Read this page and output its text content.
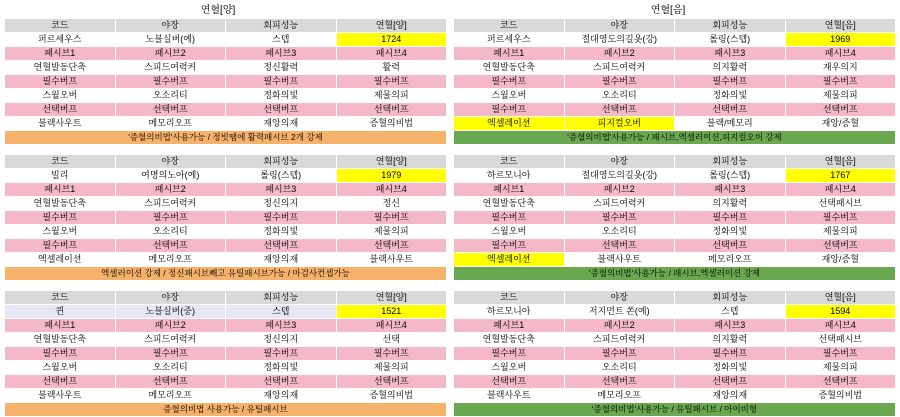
연혈[양]	연혈[음]
코드	야장	회피성능	연혈[양]
퍼르세우스	노블실버(예)	스텝	1724
패시브1	패시브2	패시브3	패시브4
연혈발동단축	스피드여력커	정신활력	활력
필수버프	필수버프	필수버프	필수버프
스월오버	오소리티	정화의빛	제물의피
선택버프	선택버프	선택버프	선택버프
블랙사우트	메모리오프	재앙의재	증혈의비법
'증혈의비법'사용가능 / 정빗땜에 활력패시브 2개 강제			
코드	야장	회피성능	연혈[양]
빌리	여명의노아(예)	롤링(스텝)	1979
패시브1	패시브2	패시브3	패시브4
연혈발동단축	스피드여력커	정신의지	정신
필수버프	필수버프	필수버프	필수버프
스월오버	오소리티	정화의빛	제물의피
필수버프	선택버프	선택버프	선택버프
엑셀레이션	메모리오프	재앙의재	블랙사우트
엑셀러이션 강제 / 정신패시브빼고 유틸패시브가능 / 마검사컨셉가능			
코드	야장	회피성능	연혈[양]
퀸	노블실버(중)	스텝	1521
패시브1	패시브2	패시브3	패시브4
연혈발동단축	스피드여력커	정신의지	선택
필수버프	필수버프	필수버프	필수버프
스월오버	오소리티	정화의빛	제물의피
선택버프	선택버프	선택버프	선택버프
블랙사우트	메모리오프	재앙의재	증혈의비법
증혈의비법 사용가능 / 유틸패시브			
코드	야장	회피성능	연혈[음]
퍼르세우스	절대영도의길옷(강)	롤링(스텝)	1969
패시브1	패시브2	패시브3	패시브4
연혈발동단축	스피드여력커	의지활력	재우의지
필수버프	필수버프	필수버프	필수버프
스월오버	오소리티	정화의빛	제물의피
필수버프	선택버프	선택버프	선택버프
엑셀레이션	피지컬오버	블랙/메모리	재앙/증혈
'증혈의비법'사용가능 / 패시브,엑셀러이션,피지컬오버 강제			
코드	야장	회피성능	연혈[음]
하르모니아	절대영도의길옷(강)	롤링(스텝)	1767
패시브1	패시브2	패시브3	패시브4
연혈발동단축	스피드여력커	의지활력	선택패시브
필수버프	필수버프	필수버프	필수버프
스월오버	오소리티	정화의빛	제물의피
필수버프	선택버프	선택버프	선택버프
엑셀레이션	블랙사우트	메모리오프	재앙/증혈
'증혈의비법'사용가능 / 패시브,엑셀러이션 강제			
코드	야장	회피성능	연혈[음]
하르모니아	저지먼트 쏜(예)	스텝	1594
패시브1	패시브2	패시브3	패시브4
연혈발동단축	스피드여력커	의지활력	선택패시브
필수버프	필수버프	필수버프	필수버프
스월오버	오소리티	정화의빛	제물의피
선택버프	선택버프	선택버프	선택버프
블랙사우트	메모리오프	재앙의재	증혈의비법
'증혈의비법'사용가능 / 유틸패시브 / 아이비형			
